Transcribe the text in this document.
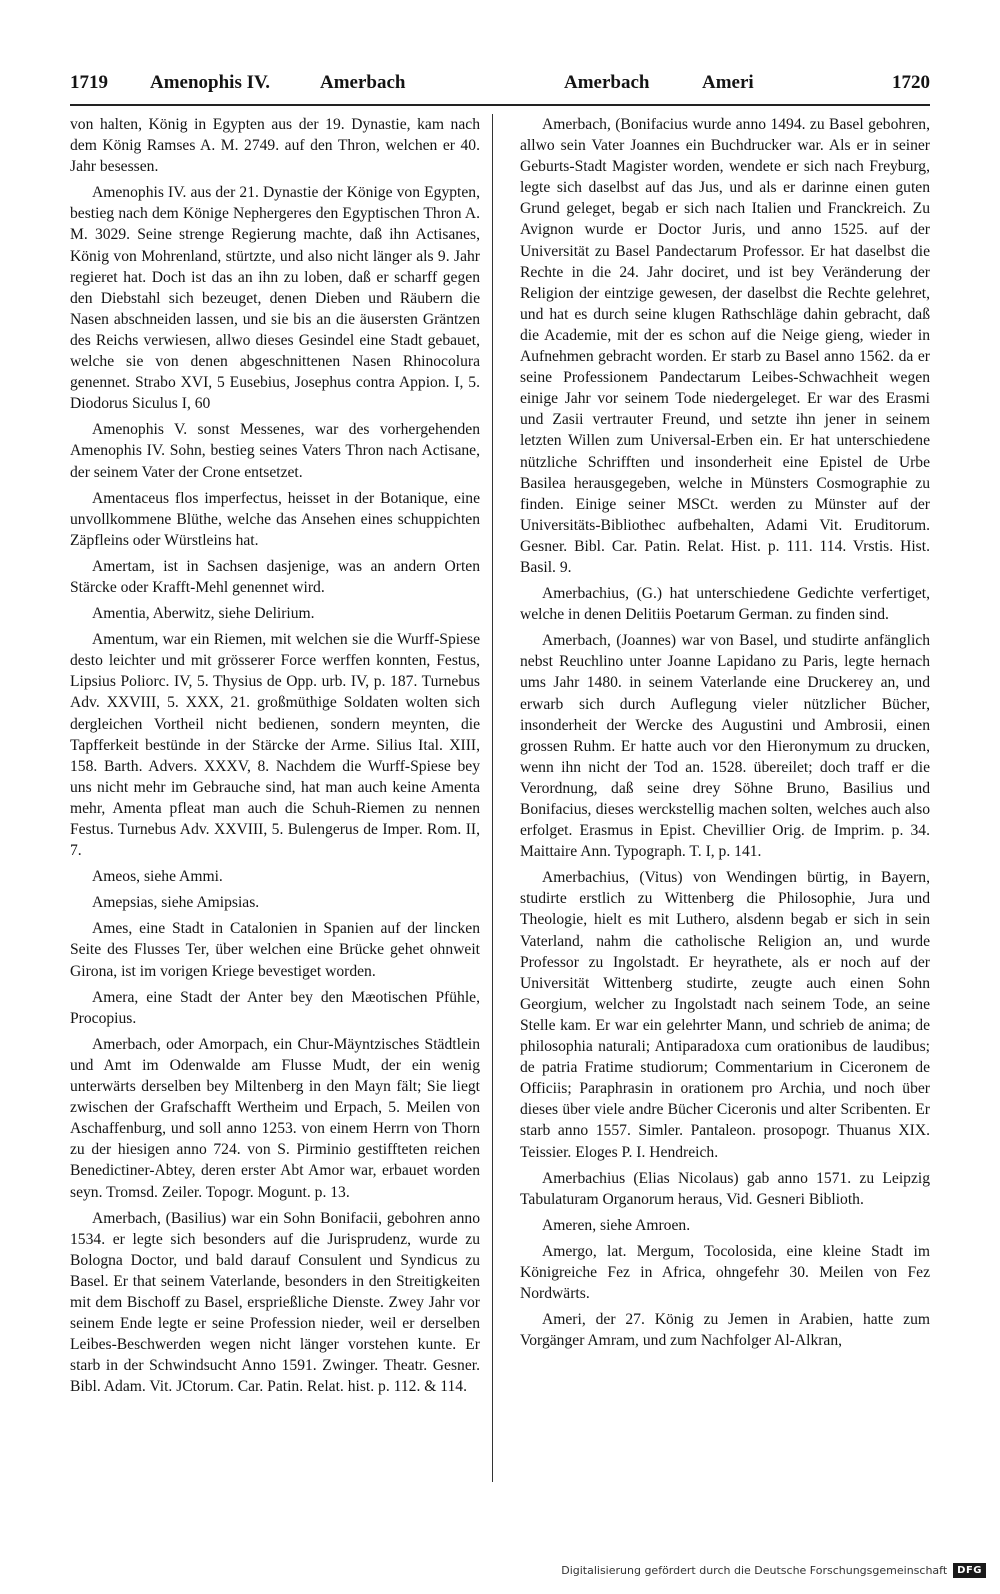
1719 Amenophis IV.	Amerbach	Amerbach	Ameri	1720

von halten, König in Egypten aus der 19. Dynastie, kam nach dem König Ramses A. M. 2749. auf den Thron, welchen er 40. Jahr besessen.

Amenophis IV. aus der 21. Dynastie der Könige von Egypten, bestieg nach dem Könige Nephergeres den Egyptischen Thron A. M. 3029. Seine strenge Regierung machte, daß ihn Actisanes, König von Mohrenland, stürtzte, und also nicht länger als 9. Jahr regieret hat. Doch ist das an ihn zu loben, daß er scharff gegen den Diebstahl sich bezeuget, denen Dieben und Räubern die Nasen abschneiden lassen, und sie bis an die äusersten Gräntzen des Reichs verwiesen, allwo dieses Gesindel eine Stadt gebauet, welche sie von denen abgeschnittenen Nasen Rhinocolura genennet. Strabo XVI, 5 Eusebius, Josephus contra Appion. I, 5. Diodorus Siculus I, 60

Amenophis V. sonst Messenes, war des vorhergehenden Amenophis IV. Sohn, bestieg seines Vaters Thron nach Actisane, der seinem Vater der Crone entsetzet.

Amentaceus flos imperfectus, heisset in der Botanique, eine unvollkommene Blüthe, welche das Ansehen eines schuppichten Zäpfleins oder Würstleins hat.

Amertam, ist in Sachsen dasjenige, was an andern Orten Stärcke oder Krafft-Mehl genennet wird.

Amentia, Aberwitz, siehe Delirium.

Amentum, war ein Riemen, mit welchen sie die Wurff-Spiese desto leichter und mit grösserer Force werffen konnten, Festus, Lipsius Poliorc. IV, 5. Thysius de Opp. urb. IV, p. 187. Turnebus Adv. XXVIII, 5. XXX, 21. großmüthige Soldaten wolten sich dergleichen Vortheil nicht bedienen, sondern meynten, die Tapfferkeit bestünde in der Stärcke der Arme. Silius Ital. XIII, 158. Barth. Advers. XXXV, 8. Nachdem die Wurff-Spiese bey uns nicht mehr im Gebrauche sind, hat man auch keine Amenta mehr, Amenta pfleat man auch die Schuh-Riemen zu nennen Festus. Turnebus Adv. XXVIII, 5. Bulengerus de Imper. Rom. II, 7.

Ameos, siehe Ammi.

Amepsias, siehe Amipsias.

Ames, eine Stadt in Catalonien in Spanien auf der lincken Seite des Flusses Ter, über welchen eine Brücke gehet ohnweit Girona, ist im vorigen Kriege bevestiget worden.

Amera, eine Stadt der Anter bey den Mæotischen Pfühle, Procopius.

Amerbach, oder Amorpach, ein Chur-Mäyntzisches Städtlein und Amt im Odenwalde am Flusse Mudt, der ein wenig unterwärts derselben bey Miltenberg in den Mayn fält; Sie liegt zwischen der Grafschafft Wertheim und Erpach, 5. Meilen von Aschaffenburg, und soll anno 1253. von einem Herrn von Thorn zu der hiesigen anno 724. von S. Pirminio gestiffteten reichen Benedictiner-Abtey, deren erster Abt Amor war, erbauet worden seyn. Tromsd. Zeiler. Topogr. Mogunt. p. 13.

Amerbach, (Basilius) war ein Sohn Bonifacii, gebohren anno 1534. er legte sich besonders auf die Jurisprudenz, wurde zu Bologna Doctor, und bald darauf Consulent und Syndicus zu Basel. Er that seinem Vaterlande, besonders in den Streitigkeiten mit dem Bischoff zu Basel, ersprießliche Dienste. Zwey Jahr vor seinem Ende legte er seine Profession nieder, weil er derselben Leibes-Beschwerden wegen nicht länger vorstehen kunte. Er starb in der Schwindsucht Anno 1591. Zwinger. Theatr. Gesner. Bibl. Adam. Vit. JCtorum. Car. Patin. Relat. hist. p. 112. & 114.

Amerbach, (Bonifacius wurde anno 1494. zu Basel gebohren, allwo sein Vater Joannes ein Buchdrucker war. Als er in seiner Geburts-Stadt Magister worden, wendete er sich nach Freyburg, legte sich daselbst auf das Jus, und als er darinne einen guten Grund geleget, begab er sich nach Italien und Franckreich. Zu Avignon wurde er Doctor Juris, und anno 1525. auf der Universität zu Basel Pandectarum Professor. Er hat daselbst die Rechte in die 24. Jahr dociret, und ist bey Veränderung der Religion der eintzige gewesen, der daselbst die Rechte gelehret, und hat es durch seine klugen Rathschläge dahin gebracht, daß die Academie, mit der es schon auf die Neige gieng, wieder in Aufnehmen gebracht worden. Er starb zu Basel anno 1562. da er seine Professionem Pandectarum Leibes-Schwachheit wegen einige Jahr vor seinem Tode niedergeleget. Er war des Erasmi und Zasii vertrauter Freund, und setzte ihn jener in seinem letzten Willen zum Universal-Erben ein. Er hat unterschiedene nützliche Schrifften und insonderheit eine Epistel de Urbe Basilea herausgegeben, welche in Münsters Cosmographie zu finden. Einige seiner MSCt. werden zu Münster auf der Universitäts-Bibliothec aufbehalten, Adami Vit. Eruditorum. Gesner. Bibl. Car. Patin. Relat. Hist. p. 111. 114. Vrstis. Hist. Basil. 9.

Amerbachius, (G.) hat unterschiedene Gedichte verfertiget, welche in denen Delitiis Poetarum German. zu finden sind.

Amerbach, (Joannes) war von Basel, und studirte anfänglich nebst Reuchlino unter Joanne Lapidano zu Paris, legte hernach ums Jahr 1480. in seinem Vaterlande eine Druckerey an, und erwarb sich durch Auflegung vieler nützlicher Bücher, insonderheit der Wercke des Augustini und Ambrosii, einen grossen Ruhm. Er hatte auch vor den Hieronymum zu drucken, wenn ihn nicht der Tod an. 1528. übereilet; doch traff er die Verordnung, daß seine drey Söhne Bruno, Basilius und Bonifacius, dieses werckstellig machen solten, welches auch also erfolget. Erasmus in Epist. Chevillier Orig. de Imprim. p. 34. Maittaire Ann. Typograph. T. I, p. 141.

Amerbachius, (Vitus) von Wendingen bürtig, in Bayern, studirte erstlich zu Wittenberg die Philosophie, Jura und Theologie, hielt es mit Luthero, alsdenn begab er sich in sein Vaterland, nahm die catholische Religion an, und wurde Professor zu Ingolstadt. Er heyrathete, als er noch auf der Universität Wittenberg studirte, zeugte auch einen Sohn Georgium, welcher zu Ingolstadt nach seinem Tode, an seine Stelle kam. Er war ein gelehrter Mann, und schrieb de anima; de philosophia naturali; Antiparadoxa cum orationibus de laudibus; de patria Fratime studiorum; Commentarium in Ciceronem de Officiis; Paraphrasin in orationem pro Archia, und noch über dieses über viele andre Bücher Ciceronis und alter Scribenten. Er starb anno 1557. Simler. Pantaleon. prosopogr. Thuanus XIX. Teissier. Eloges P. I. Hendreich.

Amerbachius (Elias Nicolaus) gab anno 1571. zu Leipzig Tabulaturam Organorum heraus, Vid. Gesneri Biblioth.

Ameren, siehe Amroen.

Amergo, lat. Mergum, Tocolosida, eine kleine Stadt im Königreiche Fez in Africa, ohngefehr 30. Meilen von Fez Nordwärts.

Ameri, der 27. König zu Jemen in Arabien, hatte zum Vorgänger Amram, und zum Nachfolger Al-Alkran,

Digitalisierung gefördert durch die Deutsche Forschungsgemeinschaft	DFG
